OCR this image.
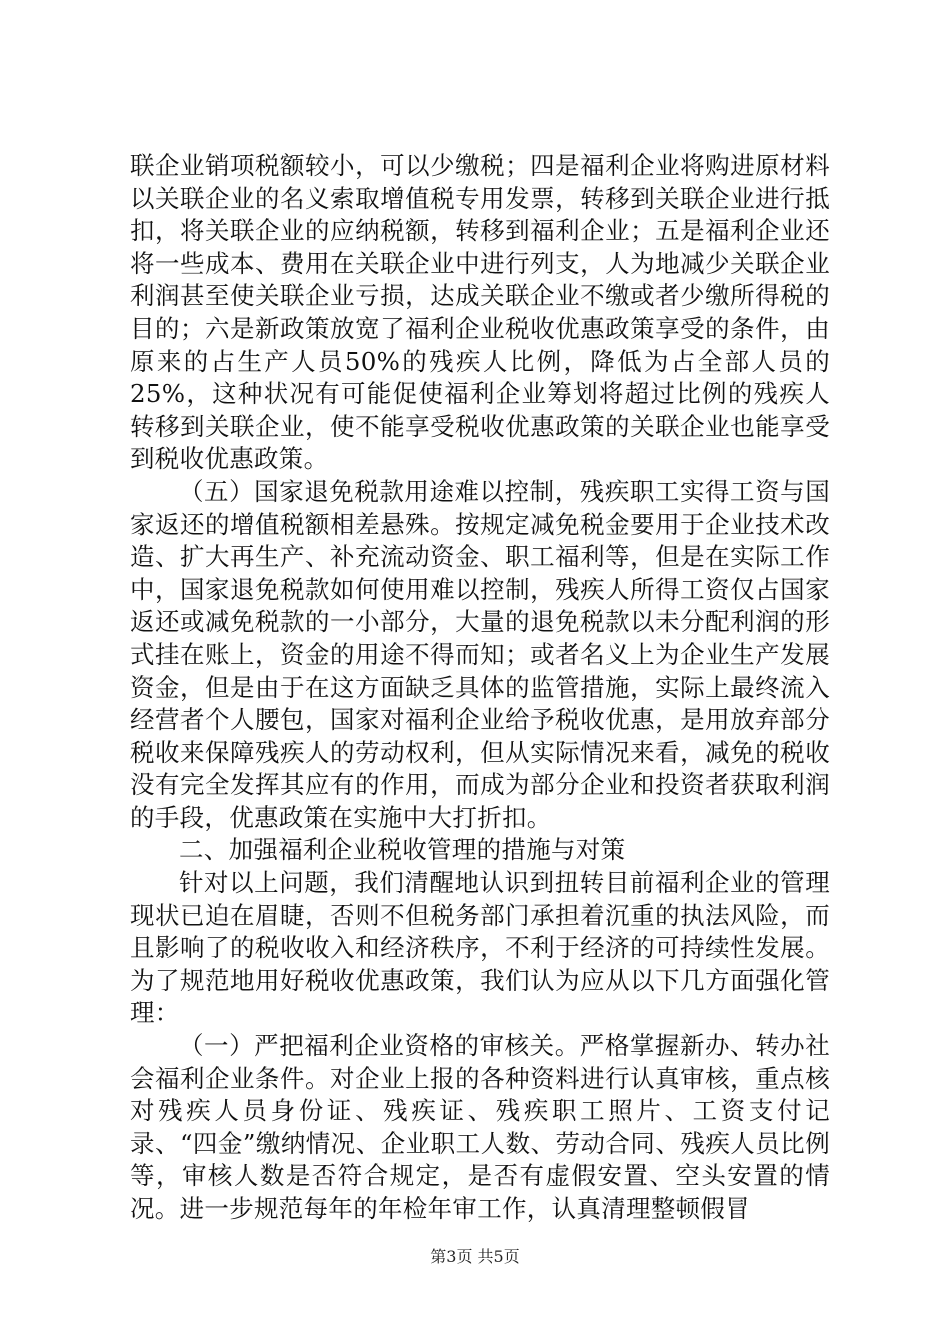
联企业销项税额较小，可以少缴税；四是福利企业将购进原材料以关联企业的名义索取增值税专用发票，转移到关联企业进行抵扣，将关联企业的应纳税额，转移到福利企业；五是福利企业还将一些成本、费用在关联企业中进行列支，人为地减少关联企业利润甚至使关联企业亏损，达成关联企业不缴或者少缴所得税的目的；六是新政策放宽了福利企业税收优惠政策享受的条件，由原来的占生产人员50%的残疾人比例，降低为占全部人员的25%，这种状况有可能促使福利企业筹划将超过比例的残疾人转移到关联企业，使不能享受税收优惠政策的关联企业也能享受到税收优惠政策。

（五）国家退免税款用途难以控制，残疾职工实得工资与国家返还的增值税额相差悬殊。按规定减免税金要用于企业技术改造、扩大再生产、补充流动资金、职工福利等，但是在实际工作中，国家退免税款如何使用难以控制，残疾人所得工资仅占国家返还或减免税款的一小部分，大量的退免税款以未分配利润的形式挂在账上，资金的用途不得而知；或者名义上为企业生产发展资金，但是由于在这方面缺乏具体的监管措施，实际上最终流入经营者个人腰包，国家对福利企业给予税收优惠，是用放弃部分税收来保障残疾人的劳动权利，但从实际情况来看，减免的税收没有完全发挥其应有的作用，而成为部分企业和投资者获取利润的手段，优惠政策在实施中大打折扣。

二、加强福利企业税收管理的措施与对策

针对以上问题，我们清醒地认识到扭转目前福利企业的管理现状已迫在眉睫，否则不但税务部门承担着沉重的执法风险，而且影响了的税收收入和经济秩序，不利于经济的可持续性发展。为了规范地用好税收优惠政策，我们认为应从以下几方面强化管理：

（一）严把福利企业资格的审核关。严格掌握新办、转办社会福利企业条件。对企业上报的各种资料进行认真审核，重点核对残疾人员身份证、残疾证、残疾职工照片、工资支付记录、“四金”缴纳情况、企业职工人数、劳动合同、残疾人员比例等，审核人数是否符合规定，是否有虚假安置、空头安置的情况。进一步规范每年的年检年审工作，认真清理整顿假冒

第3页 共5页
